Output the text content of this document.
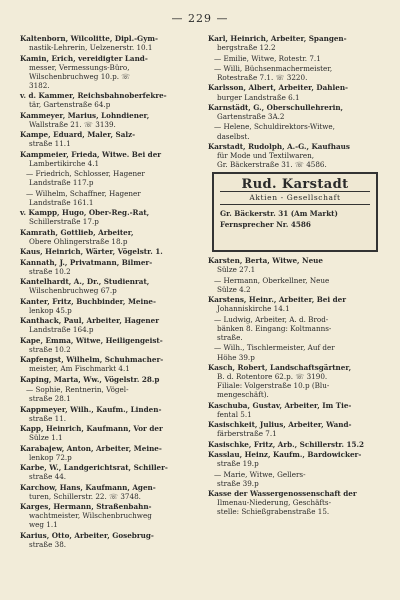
— 229 —

Kaltenborn, Wilcolitte, Dipl.-Gym-

nastik-Lehrerin, Uelzenerstr. 10.1

Kamin, Erich, vereidigter Land-

messer, Vermessungs-Büro,

Wilschenbruchweg 10.p. ☏

3182.

v. d. Kammer, Reichsbahnoberfekre-

tär, Gartenstraße 64.p

Kammeyer, Marius, Lohndiener,

Wallstraße 21. ☏ 3139.

Kampe, Eduard, Maler, Salz-

straße 11.1

Kampmeier, Frieda, Witwe. Bei der

Lambertikirche 4.1

— Friedrich, Schlosser, Hagener

Landstraße 117.p

— Wilhelm, Schaffner, Hagener

Landstraße 161.1

v. Kampp, Hugo, Ober-Reg.-Rat,

Schillerstraße 17.p

Kamrath, Gottlieb, Arbeiter,

Obere Ohlingerstraße 18.p

Kaus, Heinrich, Wärter, Vögelstr. 1.

Kannath, J., Privatmann, Bilmer-

straße 10.2

Kantelhardt, A., Dr., Studienrat,

Wilschenbruchweg 67.p

Kanter, Fritz, Buchbinder, Meine-

lenkop 45.p

Kanthack, Paul, Arbeiter, Hagener

Landstraße 164.p

Kape, Emma, Witwe, Heiligengeist-

straße 10.2

Kapfengst, Wilhelm, Schuhmacher-

meister, Am Fischmarkt 4.1

Kaping, Marta, Ww., Vögelstr. 28.p

— Sophie, Rentnerin, Vögel-

straße 28.1

Kappmeyer, Wilh., Kaufm., Linden-

straße 11.

Kapp, Heinrich, Kaufmann, Vor der

Sülze 1.1

Karabajew, Anton, Arbeiter, Meine-

lenkop 72.p

Karbe, W., Landgerichtsrat, Schiller-

straße 44.

Karchow, Hans, Kaufmann, Agen-

turen, Schillerstr. 22. ☏ 3748.

Karges, Hermann, Straßenbahn-

wachtmeister, Wilschenbruchweg

weg 1.1

Karius, Otto, Arbeiter, Gosebrug-

straße 38.

Karl, Heinrich, Arbeiter, Spangen-

bergstraße 12.2

— Emilie, Witwe, Rotestr. 7.1

— Willi, Büchsenmachermeister,

Rotestraße 7.1. ☏ 3220.

Karlsson, Albert, Arbeiter, Dahlen-

burger Landstraße 6.1

Karnstädt, G., Oberschullehrerin,

Gartenstraße 3A.2

— Helene, Schuldirektors-Witwe,

daselbst.

Karstadt, Rudolph, A.-G., Kaufhaus

für Mode und Textilwaren,

Gr. Bäckerstraße 31. ☏ 4586.

Rud. Karstadt
Aktien - Gesellschaft
Gr. Bäckerstr. 31 (Am Markt)
Fernsprecher Nr. 4586

Karsten, Berta, Witwe, Neue

Sülze 27.1

— Hermann, Oberkellner, Neue

Sülze 4.2

Karstens, Heinr., Arbeiter, Bei der

Johanniskirche 14.1

— Ludwig, Arbeiter, A. d. Brod-

bänken 8. Eingang: Koltmanns-

straße.

— Wilh., Tischlermeister, Auf der

Höhe 39.p

Kasch, Robert, Landschaftsgärtner,

B. d. Rotentore 62.p. ☏ 3190.

Filiale: Volgerstraße 10.p (Blu-

mengeschäft).

Kaschuba, Gustav, Arbeiter, Im Tie-

fental 5.1

Kasischkeit, Julius, Arbeiter, Wand-

färberstraße 7.1

Kasischke, Fritz, Arb., Schillerstr. 15.2

Kasslau, Heinz, Kaufm., Bardowicker-

straße 19.p

— Marie, Witwe, Gellers-

straße 39.p

Kasse der Wassergenossenschaft der

Ilmenau-Niederung, Geschäfts-

stelle: Schießgrabenstraße 15.
